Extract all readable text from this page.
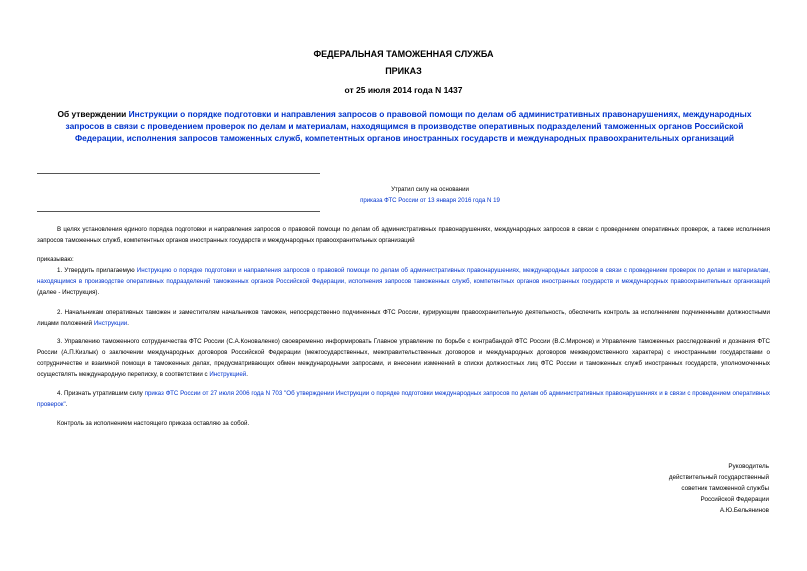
ФЕДЕРАЛЬНАЯ ТАМОЖЕННАЯ СЛУЖБА
ПРИКАЗ
от 25 июля 2014 года N 1437
Об утверждении Инструкции о порядке подготовки и направления запросов о правовой помощи по делам об административных правонарушениях, международных запросов в связи с проведением проверок по делам и материалам, находящимся в производстве оперативных подразделений таможенных органов Российской Федерации, исполнения запросов таможенных служб, компетентных органов иностранных государств и международных правоохранительных организаций
Утратил силу на основании
приказа ФТС России от 13 января 2016 года N 19
В целях установления единого порядка подготовки и направления запросов о правовой помощи по делам об административных правонарушениях, международных запросов в связи с проведением оперативных проверок, а также исполнения запросов таможенных служб, компетентных органов иностранных государств и международных правоохранительных организаций
приказываю:
1. Утвердить прилагаемую Инструкцию о порядке подготовки и направления запросов о правовой помощи по делам об административных правонарушениях, международных запросов в связи с проведением проверок по делам и материалам, находящимся в производстве оперативных подразделений таможенных органов Российской Федерации, исполнения запросов таможенных служб, компетентных органов иностранных государств и международных правоохранительных организаций (далее - Инструкция).
2. Начальникам оперативных таможен и заместителям начальников таможен, непосредственно подчиненных ФТС России, курирующим правоохранительную деятельность, обеспечить контроль за исполнением подчиненными должностными лицами положений Инструкции.
3. Управлению таможенного сотрудничества ФТС России (С.А.Коноваленко) своевременно информировать Главное управление по борьбе с контрабандой ФТС России (В.С.Миронов) и Управление таможенных расследований и дознания ФТС России (А.П.Кизлык) о заключении международных договоров Российской Федерации (межгосударственных, межправительственных договоров и международных договоров межведомственного характера) с иностранными государствами о сотрудничестве и взаимной помощи в таможенных делах, предусматривающих обмен международными запросами, и внесении изменений в списки должностных лиц ФТС России и таможенных служб иностранных государств, уполномоченных осуществлять международную переписку, в соответствии с Инструкцией.
4. Признать утратившим силу приказ ФТС России от 27 июля 2006 года N 703 "Об утверждении Инструкции о порядке подготовки международных запросов по делам об административных правонарушениях и в связи с проведением оперативных проверок".
Контроль за исполнением настоящего приказа оставляю за собой.
Руководитель
действительный государственный
советник таможенной службы
Российской Федерации
А.Ю.Бельянинов
